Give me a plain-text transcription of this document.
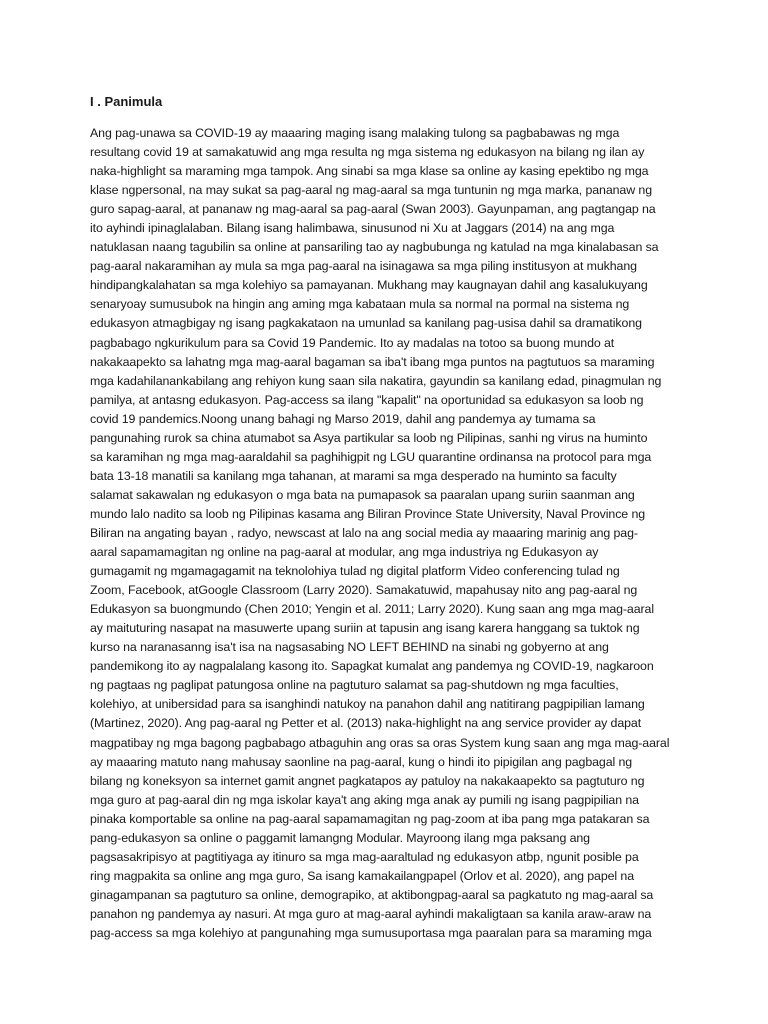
I . Panimula
Ang pag-unawa sa COVID-19 ay maaaring maging isang malaking tulong sa pagbabawas ng mga
resultang covid 19 at samakatuwid ang mga resulta ng mga sistema ng edukasyon na bilang ng ilan ay
naka-highlight sa maraming mga tampok. Ang sinabi sa mga klase sa online ay kasing epektibo ng mga
klase ngpersonal, na may sukat sa pag-aaral ng mag-aaral sa mga tuntunin ng mga marka, pananaw ng
guro sapag-aaral, at pananaw ng mag-aaral sa pag-aaral (Swan 2003). Gayunpaman, ang pagtangap na
ito ayhindi ipinaglalaban. Bilang isang halimbawa, sinusunod ni Xu at Jaggars (2014) na ang mga
natuklasan naang tagubilin sa online at pansariling tao ay nagbubunga ng katulad na mga kinalabasan sa
pag-aaral nakaramihan ay mula sa mga pag-aaral na isinagawa sa mga piling institusyon at mukhang
hindipangkalahatan sa mga kolehiyo sa pamayanan. Mukhang may kaugnayan dahil ang kasalukuyang
senaryoay sumusubok na hingin ang aming mga kabataan mula sa normal na pormal na sistema ng
edukasyon atmagbigay ng isang pagkakataon na umunlad sa kanilang pag-usisa dahil sa dramatikong
pagbabago ngkurikulum para sa Covid 19 Pandemic. Ito ay madalas na totoo sa buong mundo at
nakakaapekto sa lahatng mga mag-aaral bagaman sa iba't ibang mga puntos na pagtutuos sa maraming
mga kadahilanankabilang ang rehiyon kung saan sila nakatira, gayundin sa kanilang edad, pinagmulan ng
pamilya, at antasng edukasyon. Pag-access sa ilang "kapalit" na oportunidad sa edukasyon sa loob ng
covid 19 pandemics.Noong unang bahagi ng Marso 2019, dahil ang pandemya ay tumama sa
pangunahing rurok sa china atumabot sa Asya partikular sa loob ng Pilipinas, sanhi ng virus na huminto
sa karamihan ng mga mag-aaraldahil sa paghihigpit ng LGU quarantine ordinansa na protocol para mga
bata 13-18 manatili sa kanilang mga tahanan, at marami sa mga desperado na huminto sa faculty
salamat sakawalan ng edukasyon o mga bata na pumapasok sa paaralan upang suriin saanman ang
mundo lalo nadito sa loob ng Pilipinas kasama ang Biliran Province State University, Naval Province ng
Biliran na angating bayan , radyo, newscast at lalo na ang social media ay maaaring marinig ang pag-
aaral sapamamagitan ng online na pag-aaral at modular, ang mga industriya ng Edukasyon ay
gumagamit ng mgamagagamit na teknolohiya tulad ng digital platform Video conferencing tulad ng
Zoom, Facebook, atGoogle Classroom (Larry 2020). Samakatuwid, mapahusay nito ang pag-aaral ng
Edukasyon sa buongmundo (Chen 2010; Yengin et al. 2011; Larry 2020). Kung saan ang mga mag-aaral
ay maituturing nasapat na masuwerte upang suriin at tapusin ang isang karera hanggang sa tuktok ng
kurso na naranasanng isa't isa na nagsasabing NO LEFT BEHIND na sinabi ng gobyerno at ang
pandemikong ito ay nagpalalang kasong ito. Sapagkat kumalat ang pandemya ng COVID-19, nagkaroon
ng pagtaas ng paglipat patungosa online na pagtuturo salamat sa pag-shutdown ng mga faculties,
kolehiyo, at unibersidad para sa isanghindi natukoy na panahon dahil ang natitirang pagpipilian lamang
(Martinez, 2020). Ang pag-aaral ng Petter et al. (2013) naka-highlight na ang service provider ay dapat
magpatibay ng mga bagong pagbabago atbaguhin ang oras sa oras System kung saan ang mga mag-aaral
ay maaaring matuto nang mahusay saonline na pag-aaral, kung o hindi ito pipigilan ang pagbagal ng
bilang ng koneksyon sa internet gamit angnet pagkatapos ay patuloy na nakakaapekto sa pagtuturo ng
mga guro at pag-aaral din ng mga iskolar kaya't ang aking mga anak ay pumili ng isang pagpipilian na
pinaka komportable sa online na pag-aaral sapamamagitan ng pag-zoom at iba pang mga patakaran sa
pang-edukasyon sa online o paggamit lamangng Modular. Mayroong ilang mga paksang ang
pagsasakripisyo at pagtitiyaga ay itinuro sa mga mag-aaraltulad ng edukasyon atbp, ngunit posible pa
ring magpakita sa online ang mga guro, Sa isang kamakailangpapel (Orlov et al. 2020), ang papel na
ginagampanan sa pagtuturo sa online, demograpiko, at aktibongpag-aaral sa pagkatuto ng mag-aaral sa
panahon ng pandemya ay nasuri. At mga guro at mag-aaral ayhindi makaligtaan sa kanila araw-araw na
pag-access sa mga kolehiyo at pangunahing mga sumusuportasa mga paaralan para sa maraming mga
